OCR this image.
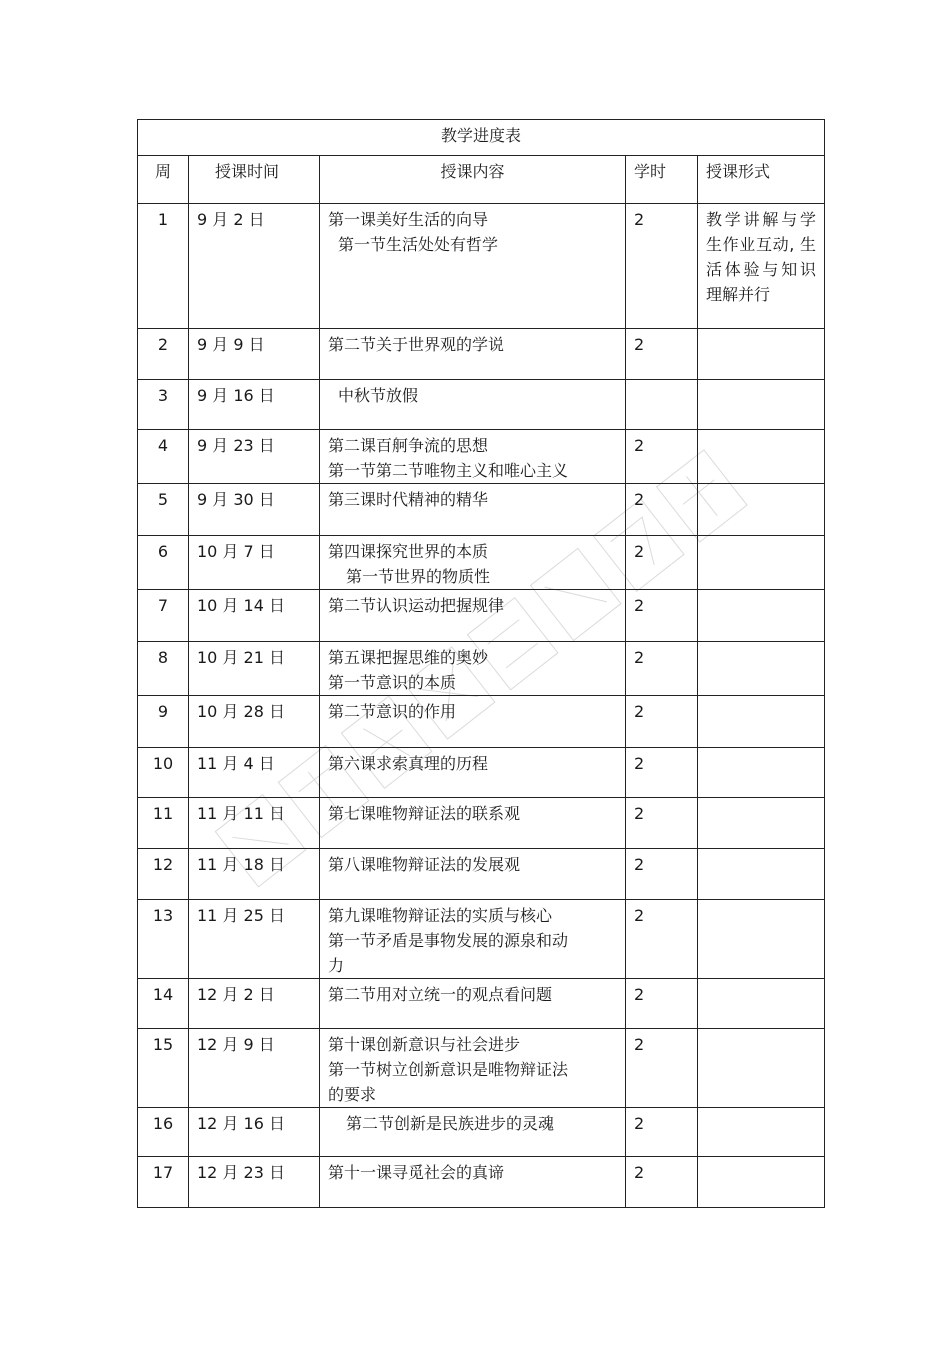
教学进度表				
周	授课时间	授课内容	学时	授课形式
1	9 月 2 日	第一课美好生活的向导
第一节生活处处有哲学	2	教学讲解与学生作业互动, 生活体验与知识理解并行
2	9 月 9 日	第二节关于世界观的学说	2	
3	9 月 16 日	中秋节放假		

4	9 月 23 日	第二课百舸争流的思想
第一节第二节唯物主义和唯心主义	2	
5	9 月 30 日	第三课时代精神的精华	2	
6	10 月 7 日	第四课探究世界的本质
第一节世界的物质性	2	
7	10 月 14 日	第二节认识运动把握规律	2	
8	10 月 21 日	第五课把握思维的奥妙
第一节意识的本质	2	
9	10 月 28 日	第二节意识的作用	2	
10	11 月 4 日	第六课求索真理的历程	2	
11	11 月 11 日	第七课唯物辩证法的联系观	2	
12	11 月 18 日	第八课唯物辩证法的发展观	2	
13	11 月 25 日	第九课唯物辩证法的实质与核心
第一节矛盾是事物发展的源泉和动
力	2	
14	12 月 2 日	第二节用对立统一的观点看问题	2	
15	12 月 9 日	第十课创新意识与社会进步
第一节树立创新意识是唯物辩证法
的要求	2	
16	12 月 16 日	第二节创新是民族进步的灵魂	2	
17	12 月 23 日	第十一课寻觅社会的真谛	2	
